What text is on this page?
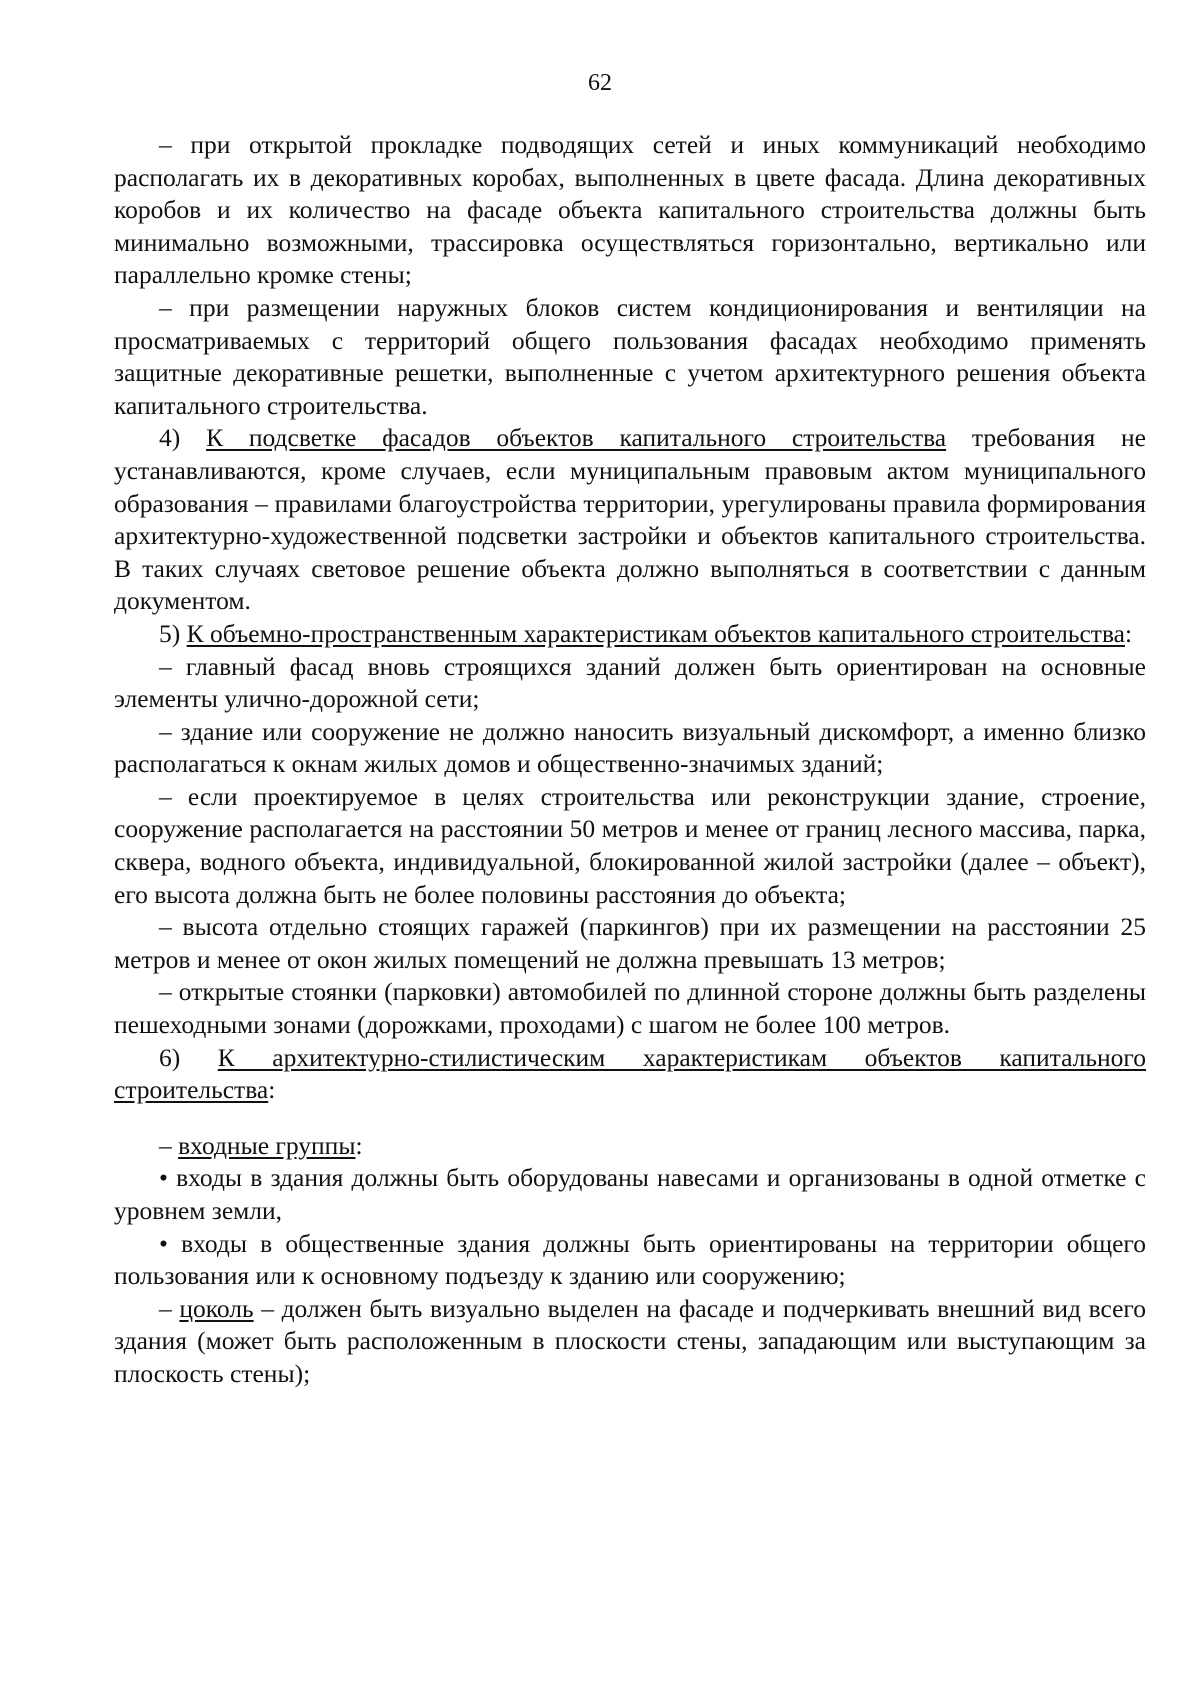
62

– при открытой прокладке подводящих сетей и иных коммуникаций необходимо располагать их в декоративных коробах, выполненных в цвете фасада. Длина декоративных коробов и их количество на фасаде объекта капитального строительства должны быть минимально возможными, трассировка осуществляться горизонтально, вертикально или параллельно кромке стены;

– при размещении наружных блоков систем кондиционирования и вентиляции на просматриваемых с территорий общего пользования фасадах необходимо применять защитные декоративные решетки, выполненные с учетом архитектурного решения объекта капитального строительства.

4) К подсветке фасадов объектов капитального строительства требования не устанавливаются, кроме случаев, если муниципальным правовым актом муниципального образования – правилами благоустройства территории, урегулированы правила формирования архитектурно-художественной подсветки застройки и объектов капитального строительства. В таких случаях световое решение объекта должно выполняться в соответствии с данным документом.

5) К объемно-пространственным характеристикам объектов капитального строительства:

– главный фасад вновь строящихся зданий должен быть ориентирован на основные элементы улично-дорожной сети;

– здание или сооружение не должно наносить визуальный дискомфорт, а именно близко располагаться к окнам жилых домов и общественно-значимых зданий;

– если проектируемое в целях строительства или реконструкции здание, строение, сооружение располагается на расстоянии 50 метров и менее от границ лесного массива, парка, сквера, водного объекта, индивидуальной, блокированной жилой застройки (далее – объект), его высота должна быть не более половины расстояния до объекта;

– высота отдельно стоящих гаражей (паркингов) при их размещении на расстоянии 25 метров и менее от окон жилых помещений не должна превышать 13 метров;

– открытые стоянки (парковки) автомобилей по длинной стороне должны быть разделены пешеходными зонами (дорожками, проходами) с шагом не более 100 метров.

6) К архитектурно-стилистическим характеристикам объектов капитального строительства:

– входные группы:

• входы в здания должны быть оборудованы навесами и организованы в одной отметке с уровнем земли,

• входы в общественные здания должны быть ориентированы на территории общего пользования или к основному подъезду к зданию или сооружению;

– цоколь – должен быть визуально выделен на фасаде и подчеркивать внешний вид всего здания (может быть расположенным в плоскости стены, западающим или выступающим за плоскость стены);
